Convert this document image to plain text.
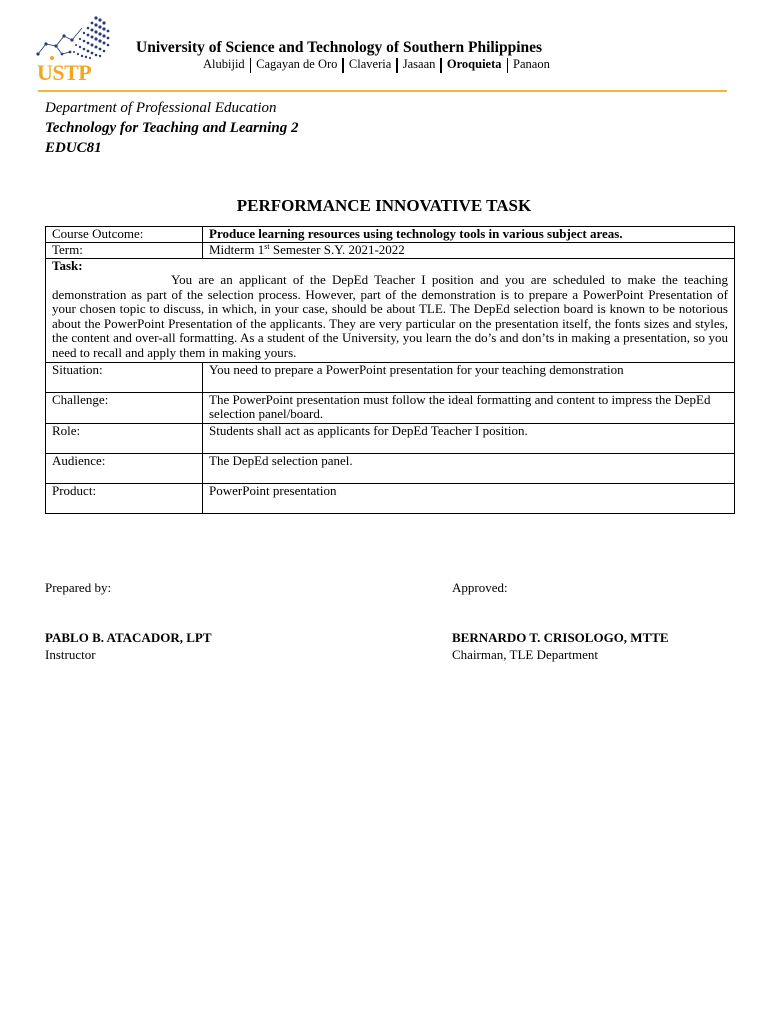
USTP
University of Science and Technology of Southern Philippines
Alubijid Cagayan de Oro Claveria Jasaan Oroquieta Panaon
Department of Professional Education
Technology for Teaching and Learning 2
EDUC81
PERFORMANCE INNOVATIVE TASK
Course Outcome:	Produce learning resources using technology tools in various subject areas.
Term:	Midterm 1st Semester S.Y. 2021-2022

Task:
You are an applicant of the DepEd Teacher I position and you are scheduled to make the teaching demonstration as part of the selection process. However, part of the demonstration is to prepare a PowerPoint Presentation of your chosen topic to discuss, in which, in your case, should be about TLE. The DepEd selection board is known to be notorious about the PowerPoint Presentation of the applicants. They are very particular on the presentation itself, the fonts sizes and styles, the content and over-all formatting. As a student of the University, you learn the do’s and don’ts in making a presentation, so you need to recall and apply them in making yours.	

Situation:	You need to prepare a PowerPoint presentation for your teaching demonstration
Challenge:	The PowerPoint presentation must follow the ideal formatting and content to impress the DepEd selection panel/board.
Role:	Students shall act as applicants for DepEd Teacher I position.
Audience:	The DepEd selection panel.
Product:	PowerPoint presentation
Prepared by:
PABLO B. ATACADOR, LPT
Instructor
Approved:
BERNARDO T. CRISOLOGO, MTTE
Chairman, TLE Department
